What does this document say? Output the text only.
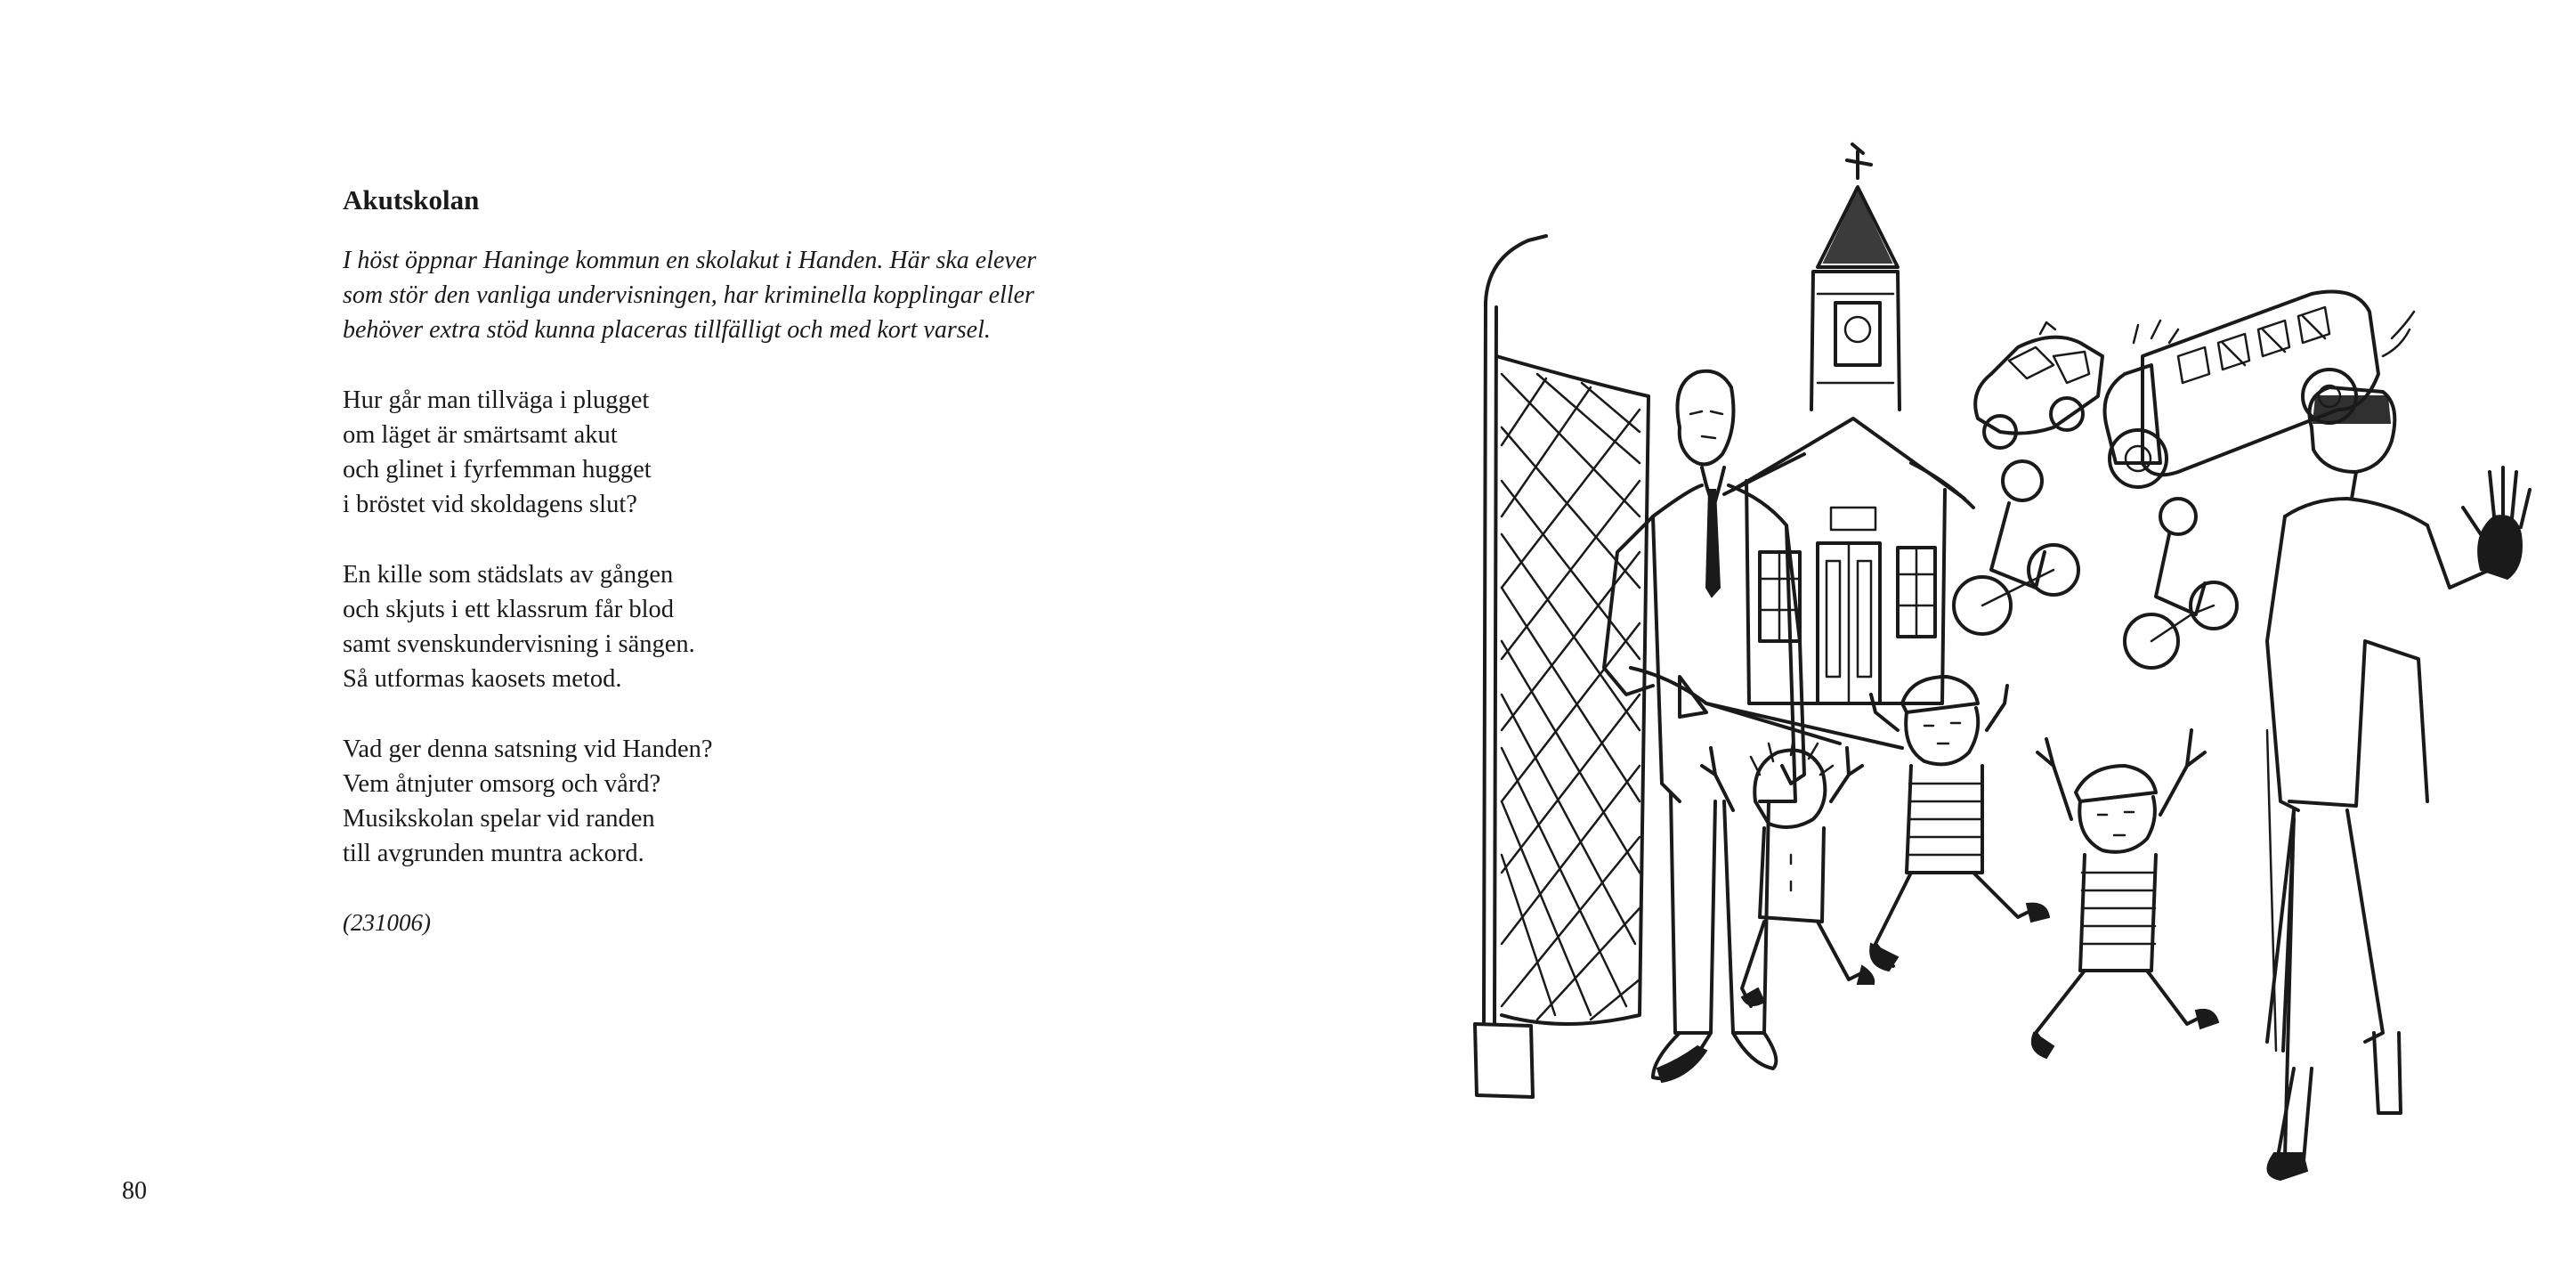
Akutskolan

I höst öppnar Haninge kommun en skolakut i Handen. Här ska elever
som stör den vanliga undervisningen, har kriminella kopplingar eller
behöver extra stöd kunna placeras tillfälligt och med kort varsel.

Hur går man tillväga i plugget
om läget är smärtsamt akut
och glinet i fyrfemman hugget
i bröstet vid skoldagens slut?

En kille som städslats av gången
och skjuts i ett klassrum får blod
samt svenskundervisning i sängen.
Så utformas kaosets metod.

Vad ger denna satsning vid Handen?
Vem åtnjuter omsorg och vård?
Musikskolan spelar vid randen
till avgrunden muntra ackord.

(231006)

80
